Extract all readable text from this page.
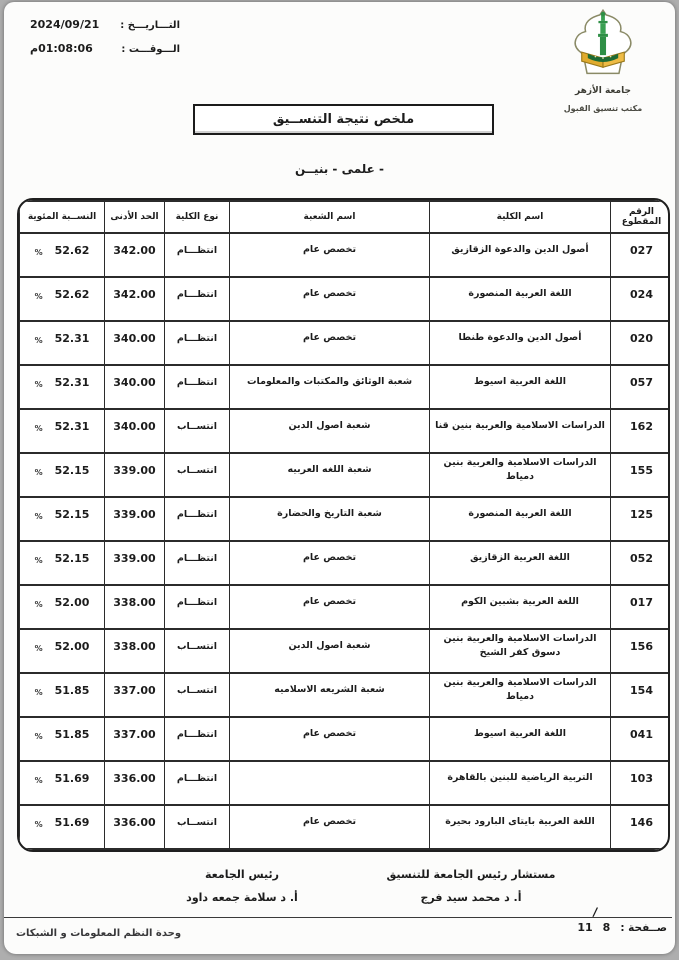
التـــاريـــخ :
2024/09/21
الـــوقـــت :
01:08:06م
جامعة الأزهر
مكتب تنسيق القبول
ملخص نتيجة التنســيق
- علمى - بنيــن
الرقم المقطوع	اسم الكلية	اسم الشعبة	نوع الكلية	الحد الأدنى	النســبة المئوية
027	أصول الدين والدعوة الزقازيق	تخصص عام	انتظـــام	342.00	% 52.62

024	اللغة العربية المنصورة	تخصص عام	انتظـــام	342.00	% 52.62

020	أصول الدين والدعوة طنطا	تخصص عام	انتظـــام	340.00	% 52.31

057	اللغة العربية اسيوط	شعبة الوثائق والمكتبات والمعلومات	انتظـــام	340.00	% 52.31

162	الدراسات الاسلامية والعربية بنين قنا	شعبة اصول الدين	انتســاب	340.00	% 52.31

155	الدراسات الاسلامية والعربية بنين دمياط	شعبة اللغه العربيه	انتســاب	339.00	% 52.15

125	اللغة العربية المنصورة	شعبة التاريخ والحضارة	انتظـــام	339.00	% 52.15

052	اللغة العربية الزقازيق	تخصص عام	انتظـــام	339.00	% 52.15

017	اللغة العربية بشبين الكوم	تخصص عام	انتظـــام	338.00	% 52.00

156	الدراسات الاسلامية والعربية بنين دسوق كفر الشيخ	شعبة اصول الدين	انتســاب	338.00	% 52.00

154	الدراسات الاسلامية والعربية بنين دمياط	شعبة الشريعه الاسلاميه	انتســاب	337.00	% 51.85

041	اللغة العربية اسيوط	تخصص عام	انتظـــام	337.00	% 51.85

103	التربية الرياضية للبنين بالقاهرة		انتظـــام	336.00	% 51.69

146	اللغة العربية بايتاى البارود بحيرة	تخصص عام	انتســاب	336.00	% 51.69
مستشار رئيس الجامعة للتنسيق
أ. د محمد سيد فرج
رئيس الجامعة
أ. د سلامة جمعه داود
صــفحة :
8
11
/
وحدة النظم المعلومات و الشبكات
